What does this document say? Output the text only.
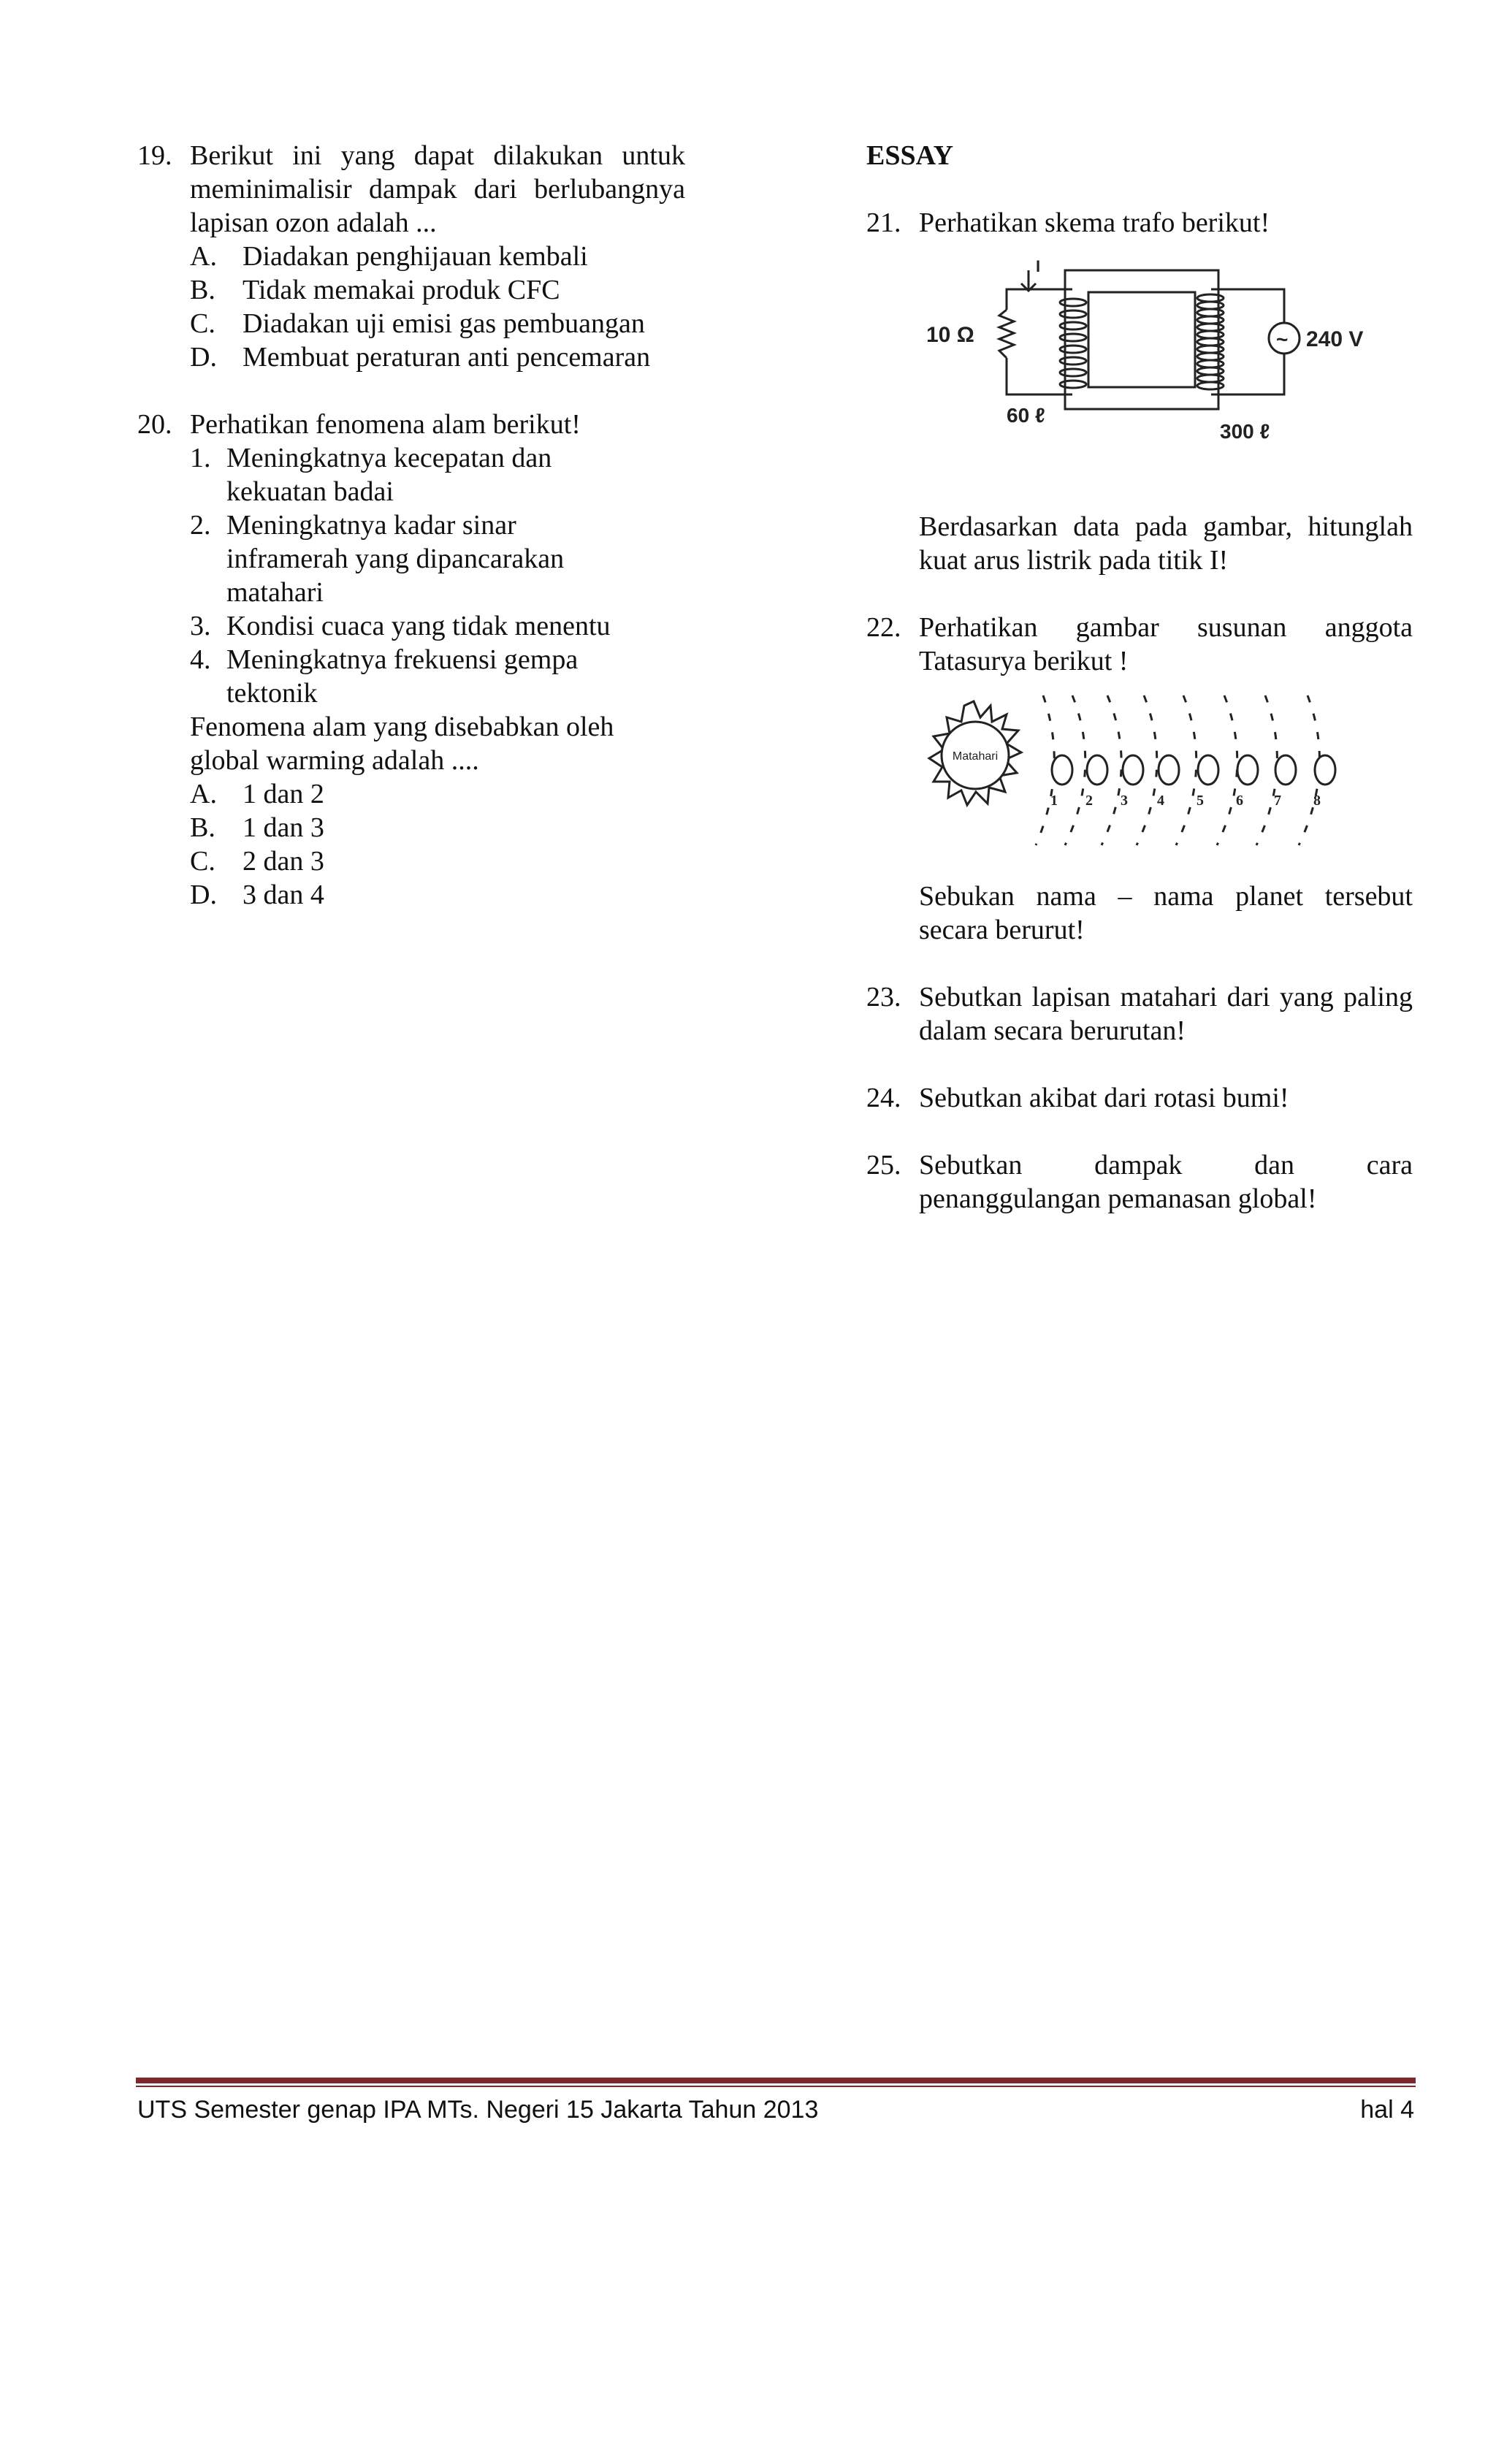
19. Berikut ini yang dapat dilakukan untuk meminimalisir dampak dari berlubangnya lapisan ozon adalah ...
A. Diadakan penghijauan kembali
B. Tidak memakai produk CFC
C. Diadakan uji emisi gas pembuangan
D. Membuat peraturan anti pencemaran
20. Perhatikan fenomena alam berikut!
1. Meningkatnya kecepatan dan kekuatan badai
2. Meningkatnya kadar sinar inframerah yang dipancarakan matahari
3. Kondisi cuaca yang tidak menentu
4. Meningkatnya frekuensi gempa tektonik
Fenomena alam yang disebabkan oleh global warming adalah ....
A. 1 dan 2
B. 1 dan 3
C. 2 dan 3
D. 3 dan 4
ESSAY
21. Perhatikan skema trafo berikut!
I
10 Ω
60 ℓ
300 ℓ
240 V
~
Berdasarkan data pada gambar, hitunglah kuat arus listrik pada titik I!
22. Perhatikan gambar susunan anggota Tatasurya berikut !
Matahari
1 2 3 4 5 6 7 8
Sebukan nama – nama planet tersebut secara berurut!
23. Sebutkan lapisan matahari dari yang paling dalam secara berurutan!
24. Sebutkan akibat dari rotasi bumi!
25. Sebutkan	dampak	dan	cara
penanggulangan pemanasan global!
UTS Semester genap IPA MTs. Negeri 15 Jakarta Tahun 2013	hal 4
